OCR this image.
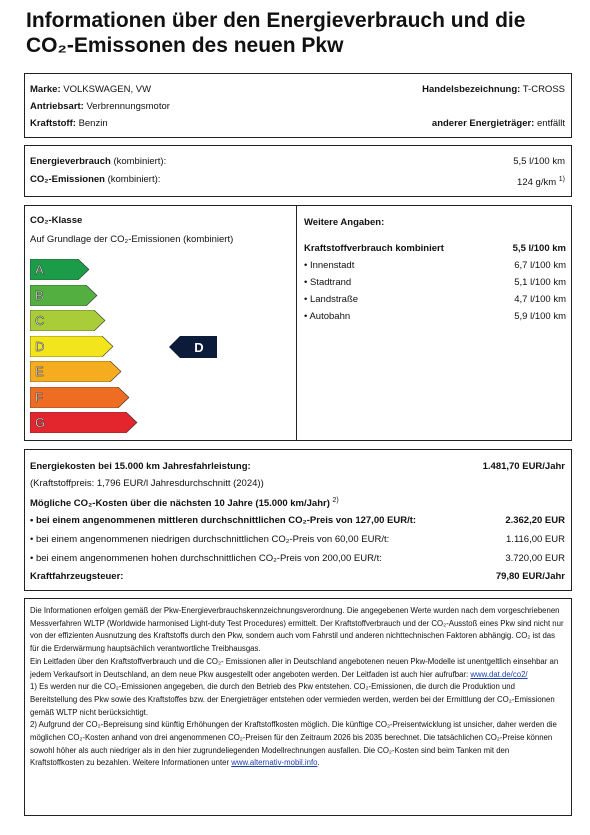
Informationen über den Energieverbrauch und die CO₂-Emissonen des neuen Pkw
Marke: VOLKSWAGEN, VW	Handelsbezeichnung: T-CROSS
Antriebsart: Verbrennungsmotor
Kraftstoff: Benzin	anderer Energieträger: entfällt
Energieverbrauch (kombiniert):	5,5 l/100 km
CO₂-Emissionen (kombiniert):	124 g/km $^{1)}$
CO₂-Klasse
Auf Grundlage der CO₂-Emissionen (kombiniert)
A
B
C
D
E
F
G
D
Weitere Angaben:
Kraftstoffverbrauch kombiniert	5,5 l/100 km
• Innenstadt	6,7 l/100 km
• Stadtrand	5,1 l/100 km
• Landstraße	4,7 l/100 km
• Autobahn	5,9 l/100 km
Energiekosten bei 15.000 km Jahresfahrleistung:	1.481,70 EUR/Jahr
(Kraftstoffpreis: 1,796 EUR/l Jahresdurchschnitt (2024))
Mögliche CO₂-Kosten über die nächsten 10 Jahre (15.000 km/Jahr) $^{2)}$
• bei einem angenommenen mittleren durchschnittlichen CO₂-Preis von 127,00 EUR/t:	2.362,20 EUR
• bei einem angenommenen niedrigen durchschnittlichen CO₂-Preis von 60,00 EUR/t:	1.116,00 EUR
• bei einem angenommenen hohen durchschnittlichen CO₂-Preis von 200,00 EUR/t:	3.720,00 EUR
Kraftfahrzeugsteuer:	79,80 EUR/Jahr

Die Informationen erfolgen gemäß der Pkw-Energieverbrauchskennzeichnungsverordnung. Die angegebenen Werte wurden nach dem vorgeschriebenen Messverfahren WLTP (Worldwide harmonised Light-duty Test Procedures) ermittelt. Der Kraftstoffverbrauch und der CO₂-Ausstoß eines Pkw sind nicht nur von der effizienten Ausnutzung des Kraftstoffs durch den Pkw, sondern auch vom Fahrstil und anderen nichttechnischen Faktoren abhängig. CO₂ ist das für die Erderwärmung hauptsächlich verantwortliche Treibhausgas.

Ein Leitfaden über den Kraftstoffverbrauch und die CO₂- Emissionen aller in Deutschland angebotenen neuen Pkw-Modelle ist unentgeltlich einsehbar an jedem Verkaufsort in Deutschland, an dem neue Pkw ausgestellt oder angeboten werden. Der Leitfaden ist auch hier aufrufbar: www.dat.de/co2/

1) Es werden nur die CO₂-Emissionen angegeben, die durch den Betrieb des Pkw entstehen. CO₂-Emissionen, die durch die Produktion und Bereitstellung des Pkw sowie des Kraftstoffes bzw. der Energieträger entstehen oder vermieden werden, werden bei der Ermittlung der CO₂-Emissionen gemäß WLTP nicht berücksichtigt.

2) Aufgrund der CO₂-Bepreisung sind künftig Erhöhungen der Kraftstoffkosten möglich. Die künftige CO₂-Preisentwicklung ist unsicher, daher werden die möglichen CO₂-Kosten anhand von drei angenommenen CO₂-Preisen für den Zeitraum 2026 bis 2035 berechnet. Die tatsächlichen CO₂-Preise können sowohl höher als auch niedriger als in den hier zugrundeliegenden Modellrechnungen ausfallen. Die CO₂-Kosten sind beim Tanken mit den Kraftstoffkosten zu bezahlen. Weitere Informationen unter www.alternativ-mobil.info.
